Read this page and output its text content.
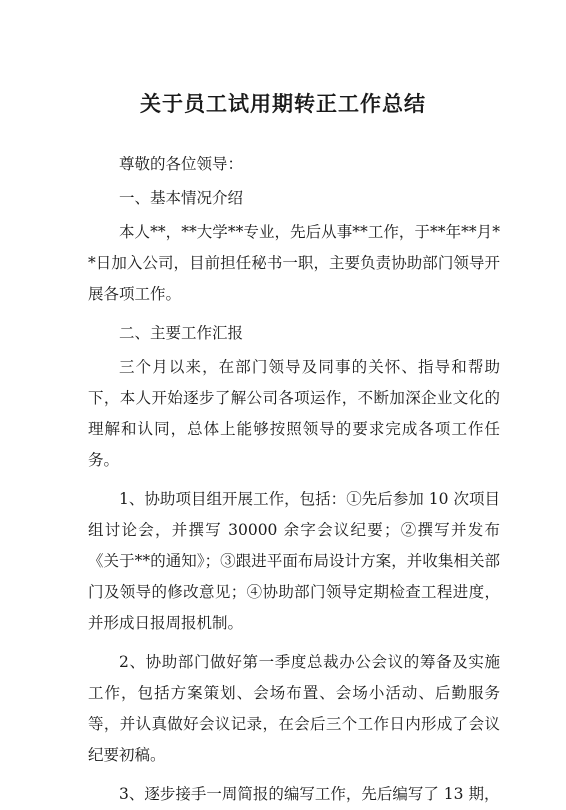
关于员工试用期转正工作总结

尊敬的各位领导：

一、基本情况介绍

本人**，**大学**专业，先后从事**工作，于**年**月**日加入公司，目前担任秘书一职，主要负责协助部门领导开展各项工作。

二、主要工作汇报

三个月以来，在部门领导及同事的关怀、指导和帮助下，本人开始逐步了解公司各项运作，不断加深企业文化的理解和认同，总体上能够按照领导的要求完成各项工作任务。

1、协助项目组开展工作，包括：①先后参加 10 次项目组讨论会，并撰写 30000 余字会议纪要；②撰写并发布《关于**的通知》；③跟进平面布局设计方案，并收集相关部门及领导的修改意见；④协助部门领导定期检查工程进度，并形成日报周报机制。

2、协助部门做好第一季度总裁办公会议的筹备及实施工作，包括方案策划、会场布置、会场小活动、后勤服务等，并认真做好会议记录，在会后三个工作日内形成了会议纪要初稿。

3、逐步接手一周简报的编写工作，先后编写了 13 期，
